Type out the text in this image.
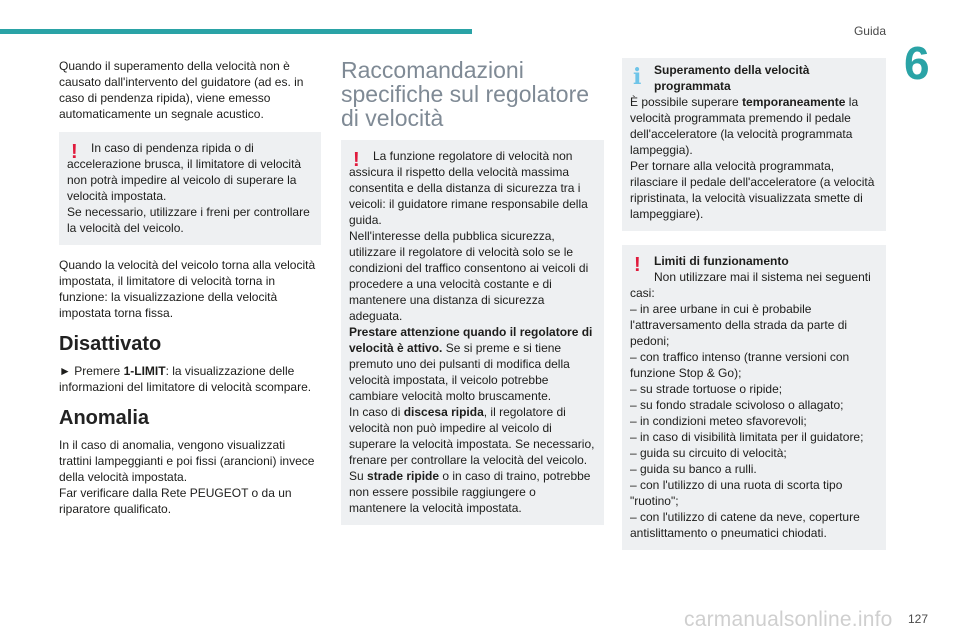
Guida
6
Quando il superamento della velocità non è causato dall'intervento del guidatore (ad es. in caso di pendenza ripida), viene emesso automaticamente un segnale acustico.
!	In caso di pendenza ripida o di
accelerazione brusca, il limitatore di velocità non potrà impedire al veicolo di superare la velocità impostata.
Se necessario, utilizzare i freni per controllare la velocità del veicolo.
Quando la velocità del veicolo torna alla velocità impostata, il limitatore di velocità torna in funzione: la visualizzazione della velocità impostata torna fissa.
Disattivato
► Premere 1-LIMIT: la visualizzazione delle informazioni del limitatore di velocità scompare.
Anomalia
In il caso di anomalia, vengono visualizzati trattini lampeggianti e poi fissi (arancioni) invece della velocità impostata.
Far verificare dalla Rete PEUGEOT o da un riparatore qualificato.
Raccomandazioni specifiche sul regolatore di velocità
!	La funzione regolatore di velocità non
assicura il rispetto della velocità massima consentita e della distanza di sicurezza tra i veicoli: il guidatore rimane responsabile della guida.
Nell'interesse della pubblica sicurezza, utilizzare il regolatore di velocità solo se le condizioni del traffico consentono ai veicoli di procedere a una velocità costante e di mantenere una distanza di sicurezza adeguata.
Prestare attenzione quando il regolatore di velocità è attivo. Se si preme e si tiene premuto uno dei pulsanti di modifica della velocità impostata, il veicolo potrebbe cambiare velocità molto bruscamente.
In caso di discesa ripida, il regolatore di velocità non può impedire al veicolo di superare la velocità impostata. Se necessario, frenare per controllare la velocità del veicolo.
Su strade ripide o in caso di traino, potrebbe non essere possibile raggiungere o mantenere la velocità impostata.
i	Superamento della velocità programmata
È possibile superare temporaneamente la velocità programmata premendo il pedale dell'acceleratore (la velocità programmata lampeggia).
Per tornare alla velocità programmata, rilasciare il pedale dell'acceleratore (a velocità ripristinata, la velocità visualizzata smette di lampeggiare).
!	Limiti di funzionamento
Non utilizzare mai il sistema nei seguenti casi:
– in aree urbane in cui è probabile l'attraversamento della strada da parte di pedoni;
– con traffico intenso (tranne versioni con funzione Stop & Go);
– su strade tortuose o ripide;
– su fondo stradale scivoloso o allagato;
– in condizioni meteo sfavorevoli;
– in caso di visibilità limitata per il guidatore;
– guida su circuito di velocità;
– guida su banco a rulli.
– con l'utilizzo di una ruota di scorta tipo "ruotino";
– con l'utilizzo di catene da neve, coperture antislittamento o pneumatici chiodati.
127
carmanualsonline.info
